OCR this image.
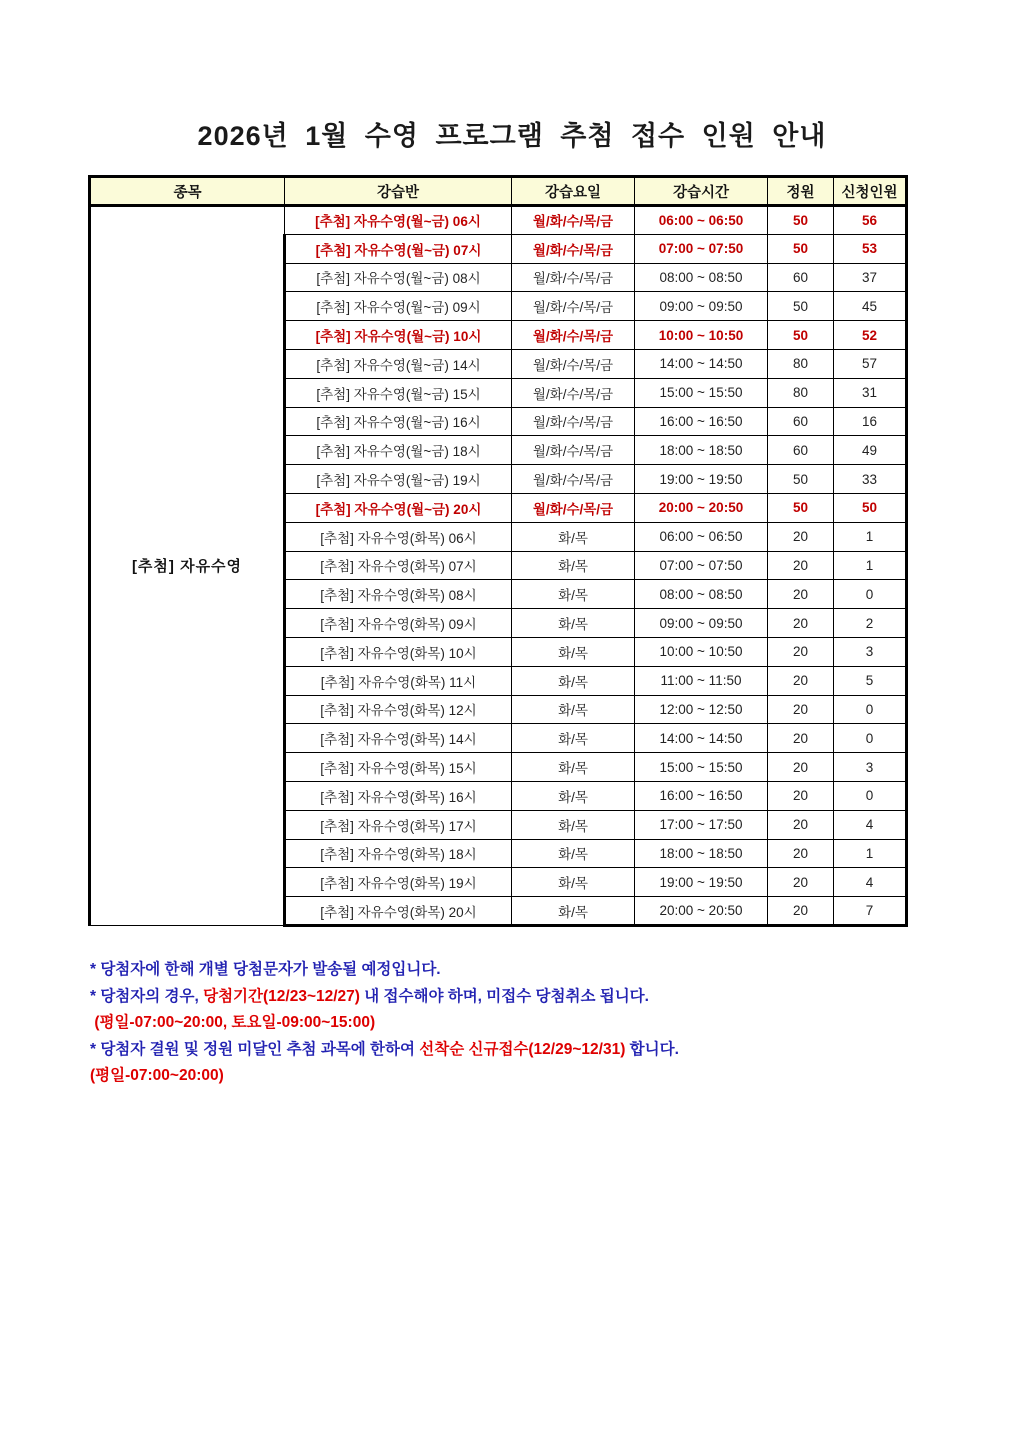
2026년 1월 수영 프로그램 추첨 접수 인원 안내
종목	강습반	강습요일	강습시간	정원	신청인원
[추첨] 자유수영	[추첨] 자유수영(월~금) 06시	월/화/수/목/금	06:00 ~ 06:50	50	56
	[추첨] 자유수영(월~금) 07시	월/화/수/목/금	07:00 ~ 07:50	50	53
	[추첨] 자유수영(월~금) 08시	월/화/수/목/금	08:00 ~ 08:50	60	37
	[추첨] 자유수영(월~금) 09시	월/화/수/목/금	09:00 ~ 09:50	50	45
	[추첨] 자유수영(월~금) 10시	월/화/수/목/금	10:00 ~ 10:50	50	52
	[추첨] 자유수영(월~금) 14시	월/화/수/목/금	14:00 ~ 14:50	80	57
	[추첨] 자유수영(월~금) 15시	월/화/수/목/금	15:00 ~ 15:50	80	31
	[추첨] 자유수영(월~금) 16시	월/화/수/목/금	16:00 ~ 16:50	60	16
	[추첨] 자유수영(월~금) 18시	월/화/수/목/금	18:00 ~ 18:50	60	49
	[추첨] 자유수영(월~금) 19시	월/화/수/목/금	19:00 ~ 19:50	50	33
	[추첨] 자유수영(월~금) 20시	월/화/수/목/금	20:00 ~ 20:50	50	50
	[추첨] 자유수영(화목) 06시	화/목	06:00 ~ 06:50	20	1
	[추첨] 자유수영(화목) 07시	화/목	07:00 ~ 07:50	20	1
	[추첨] 자유수영(화목) 08시	화/목	08:00 ~ 08:50	20	0
	[추첨] 자유수영(화목) 09시	화/목	09:00 ~ 09:50	20	2
	[추첨] 자유수영(화목) 10시	화/목	10:00 ~ 10:50	20	3
	[추첨] 자유수영(화목) 11시	화/목	11:00 ~ 11:50	20	5
	[추첨] 자유수영(화목) 12시	화/목	12:00 ~ 12:50	20	0
	[추첨] 자유수영(화목) 14시	화/목	14:00 ~ 14:50	20	0
	[추첨] 자유수영(화목) 15시	화/목	15:00 ~ 15:50	20	3
	[추첨] 자유수영(화목) 16시	화/목	16:00 ~ 16:50	20	0
	[추첨] 자유수영(화목) 17시	화/목	17:00 ~ 17:50	20	4
	[추첨] 자유수영(화목) 18시	화/목	18:00 ~ 18:50	20	1
	[추첨] 자유수영(화목) 19시	화/목	19:00 ~ 19:50	20	4
	[추첨] 자유수영(화목) 20시	화/목	20:00 ~ 20:50	20	7
* 당첨자에 한해 개별 당첨문자가 발송될 예정입니다.
* 당첨자의 경우, 당첨기간(12/23~12/27) 내 접수해야 하며, 미접수 당첨취소 됩니다.
(평일-07:00~20:00, 토요일-09:00~15:00)
* 당첨자 결원 및 정원 미달인 추첨 과목에 한하여 선착순 신규접수(12/29~12/31) 합니다.
(평일-07:00~20:00)
